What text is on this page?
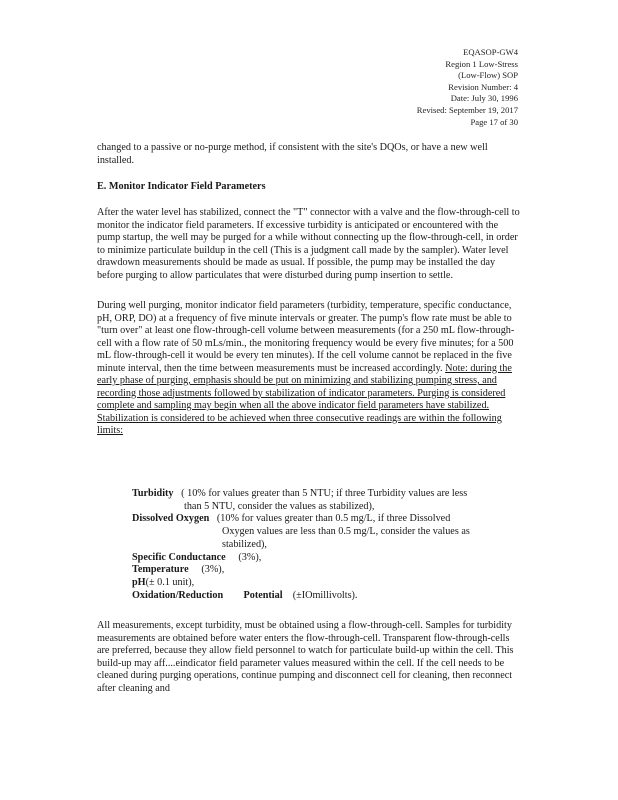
EQASOP-GW4
Region 1 Low-Stress
(Low-Flow) SOP
Revision Number: 4
Date: July 30, 1996
Revised: September 19, 2017
Page 17 of 30

changed to a passive or no-purge method, if consistent with the site's DQOs, or have a new well installed.

E. Monitor Indicator Field Parameters

After the water level has stabilized, connect the "T" connector with a valve and the flow-through-cell to monitor the indicator field parameters. If excessive turbidity is anticipated or encountered with the pump startup, the well may be purged for a while without connecting up the flow-through-cell, in order to minimize particulate buildup in the cell (This is a judgment call made by the sampler). Water level drawdown measurements should be made as usual. If possible, the pump may be installed the day before purging to allow particulates that were disturbed during pump insertion to settle.

During well purging, monitor indicator field parameters (turbidity, temperature, specific conductance, pH, ORP, DO) at a frequency of five minute intervals or greater. The pump's flow rate must be able to "turn over" at least one flow-through-cell volume between measurements (for a 250 mL flow-through-cell with a flow rate of 50 mLs/min., the monitoring frequency would be every five minutes; for a 500 mL flow-through-cell it would be every ten minutes). If the cell volume cannot be replaced in the five minute interval, then the time between measurements must be increased accordingly. Note: during the early phase of purging, emphasis should be put on minimizing and stabilizing pumping stress, and recording those adjustments followed by stabilization of indicator parameters. Purging is considered complete and sampling may begin when all the above indicator field parameters have stabilized. Stabilization is considered to be achieved when three consecutive readings are within the following limits:

Turbidity ( 10% for values greater than 5 NTU; if three Turbidity values are less
than 5 NTU, consider the values as stabilized),
Dissolved Oxygen (10% for values greater than 0.5 mg/L, if three Dissolved
Oxygen values are less than 0.5 mg/L, consider the values as
stabilized),
Specific Conductance (3%),
Temperature (3%),
pH(± 0.1 unit),
Oxidation/Reduction Potential (±IOmillivolts).

All measurements, except turbidity, must be obtained using a flow-through-cell. Samples for turbidity measurements are obtained before water enters the flow-through-cell. Transparent flow-through-cells are preferred, because they allow field personnel to watch for particulate build-up within the cell. This build-up may aff....eindicator field parameter values measured within the cell. If the cell needs to be cleaned during purging operations, continue pumping and disconnect cell for cleaning, then reconnect after cleaning and
